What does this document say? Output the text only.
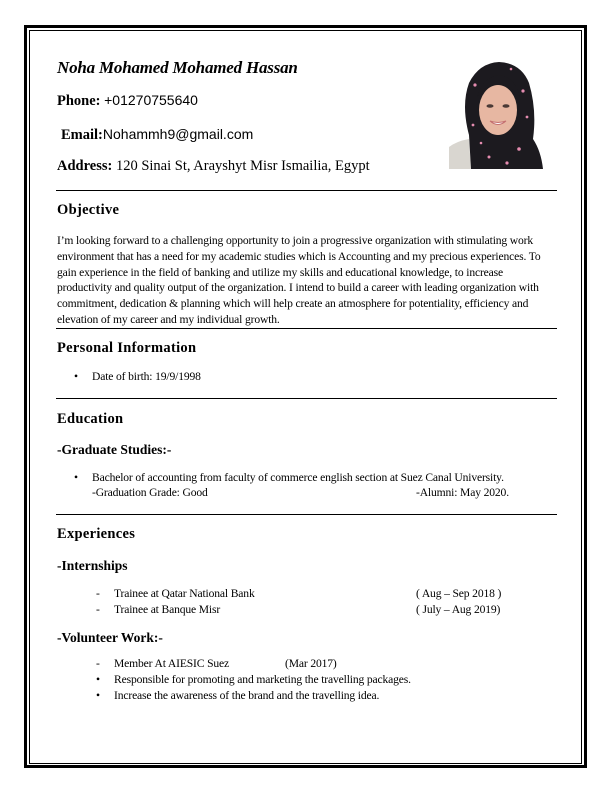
Noha Mohamed Mohamed Hassan
Phone: +01270755640
Email:Nohammh9@gmail.com
Address: 120 Sinai St, Arayshyt Misr Ismailia, Egypt
Objective
I’m looking forward to a challenging opportunity to join a progressive organization with stimulating work environment that has a need for my academic studies which is Accounting and my precious experiences. To gain experience in the field of banking and utilize my skills and educational knowledge, to increase productivity and quality output of the organization. I intend to build a career with leading organization with commitment, dedication & planning which will help create an atmosphere for potentiality, efficiency and elevation of my career and my individual growth.
Personal Information
• Date of birth: 19/9/1998
Education
-Graduate Studies:-
• Bachelor of accounting from faculty of commerce english section at Suez Canal University.
-Graduation Grade: Good	-Alumni: May 2020.
Experiences
-Internships
- Trainee at Qatar National Bank	( Aug – Sep 2018 )
- Trainee at Banque Misr	( July – Aug 2019)
-Volunteer Work:-
- Member At AIESIC Suez	(Mar 2017)
• Responsible for promoting and marketing the travelling packages.
• Increase the awareness of the brand and the travelling idea.
